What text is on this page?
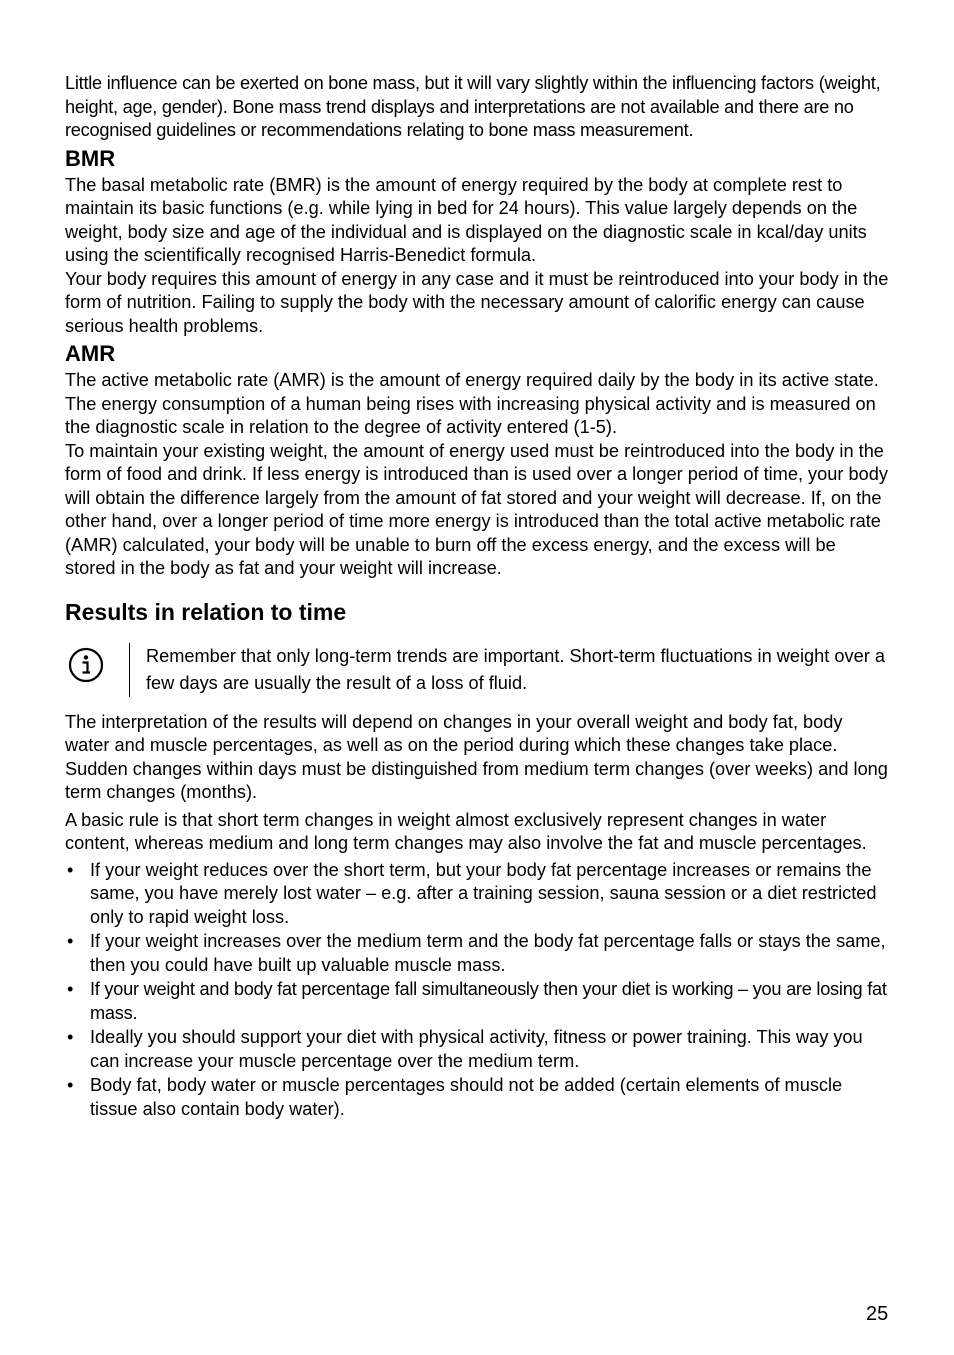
Little influence can be exerted on bone mass, but it will vary slightly within the influencing factors (weight, height, age, gender). Bone mass trend displays and interpretations are not available and there are no recognised guidelines or recommendations relating to bone mass measurement.

BMR

The basal metabolic rate (BMR) is the amount of energy required by the body at complete rest to maintain its basic functions (e.g. while lying in bed for 24 hours). This value largely depends on the weight, body size and age of the individual and is displayed on the diagnostic scale in kcal/day units using the scientifically recognised Harris-Benedict formula.

Your body requires this amount of energy in any case and it must be reintroduced into your body in the form of nutrition. Failing to supply the body with the necessary amount of calorific energy can cause serious health problems.

AMR

The active metabolic rate (AMR) is the amount of energy required daily by the body in its active state. The energy consumption of a human being rises with increasing physical activity and is measured on the diagnostic scale in relation to the degree of activity entered (1-5).

To maintain your existing weight, the amount of energy used must be reintroduced into the body in the form of food and drink. If less energy is introduced than is used over a longer period of time, your body will obtain the difference largely from the amount of fat stored and your weight will decrease. If, on the other hand, over a longer period of time more energy is introduced than the total active metabolic rate (AMR) calculated, your body will be unable to burn off the excess energy, and the excess will be stored in the body as fat and your weight will increase.

Results in relation to time
Remember that only long-term trends are important. Short-term fluctuations in weight over a few days are usually the result of a loss of fluid.

The interpretation of the results will depend on changes in your overall weight and body fat, body water and muscle percentages, as well as on the period during which these changes take place. Sudden changes within days must be distinguished from medium term changes (over weeks) and long term changes (months).

A basic rule is that short term changes in weight almost exclusively represent changes in water content, whereas medium and long term changes may also involve the fat and muscle percentages.

• If your weight reduces over the short term, but your body fat percentage increases or remains the same, you have merely lost water – e.g. after a training session, sauna session or a diet restricted only to rapid weight loss.
• If your weight increases over the medium term and the body fat percentage falls or stays the same, then you could have built up valuable muscle mass.
• If your weight and body fat percentage fall simultaneously then your diet is working – you are losing fat mass.
• Ideally you should support your diet with physical activity, fitness or power training. This way you can increase your muscle percentage over the medium term.
• Body fat, body water or muscle percentages should not be added (certain elements of muscle tissue also contain body water).
25
